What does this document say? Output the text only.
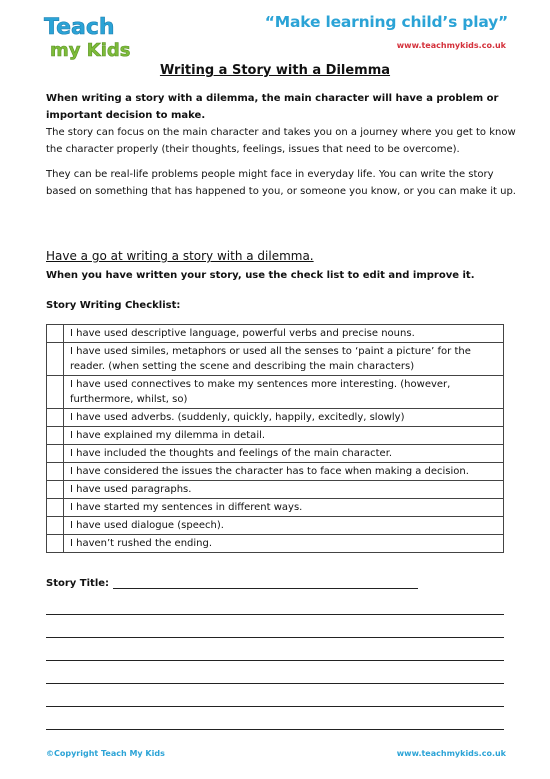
Teach
my Kids
“Make learning child’s play”
www.teachmykids.co.uk
Writing a Story with a Dilemma
When writing a story with a dilemma, the main character will have a problem or important decision to make.
The story can focus on the main character and takes you on a journey where you get to know the character properly (their thoughts, feelings, issues that need to be overcome).
They can be real-life problems people might face in everyday life. You can write the story based on something that has happened to you, or someone you know, or you can make it up.
Have a go at writing a story with a dilemma.
When you have written your story, use the check list to edit and improve it.
Story Writing Checklist:
	I have used descriptive language, powerful verbs and precise nouns.
	I have used similes, metaphors or used all the senses to ‘paint a picture’ for the reader. (when setting the scene and describing the main characters)
	I have used connectives to make my sentences more interesting. (however, furthermore, whilst, so)
	I have used adverbs. (suddenly, quickly, happily, excitedly, slowly)
	I have explained my dilemma in detail.
	I have included the thoughts and feelings of the main character.
	I have considered the issues the character has to face when making a decision.
	I have used paragraphs.
	I have started my sentences in different ways.
	I have used dialogue (speech).
	I haven’t rushed the ending.
Story Title:
©Copyright Teach My Kids	www.teachmykids.co.uk
